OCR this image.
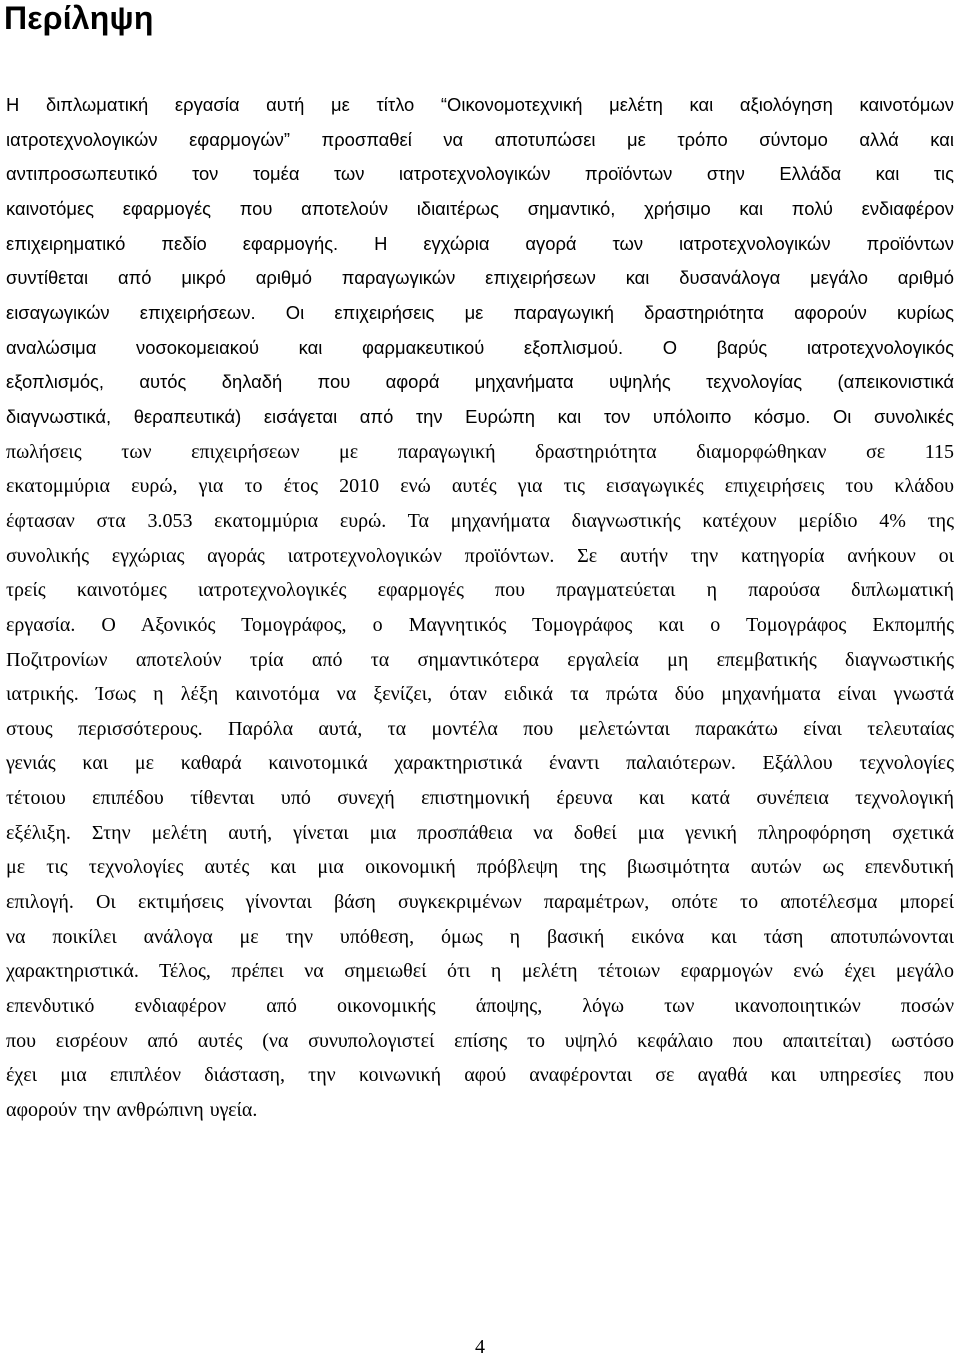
Περίληψη

Η διπλωματική εργασία αυτή με τίτλο “Οικονομοτεχνική μελέτη και αξιολόγηση καινοτόμων
ιατροτεχνολογικών εφαρμογών” προσπαθεί να αποτυπώσει με τρόπο σύντομο αλλά και
αντιπροσωπευτικό τον τομέα των ιατροτεχνολογικών προϊόντων στην Ελλάδα και τις
καινοτόμες εφαρμογές που αποτελούν ιδιαιτέρως σημαντικό, χρήσιμο και πολύ ενδιαφέρον
επιχειρηματικό πεδίο εφαρμογής. Η εγχώρια αγορά των ιατροτεχνολογικών προϊόντων
συντίθεται από μικρό αριθμό παραγωγικών επιχειρήσεων και δυσανάλογα μεγάλο αριθμό
εισαγωγικών επιχειρήσεων. Οι επιχειρήσεις με παραγωγική δραστηριότητα αφορούν κυρίως
αναλώσιμα νοσοκομειακού και φαρμακευτικού εξοπλισμού. Ο βαρύς ιατροτεχνολογικός
εξοπλισμός, αυτός δηλαδή που αφορά μηχανήματα υψηλής τεχνολογίας (απεικονιστικά
διαγνωστικά, θεραπευτικά) εισάγεται από την Ευρώπη και τον υπόλοιπο κόσμο. Οι συνολικές
πωλήσεις των επιχειρήσεων με παραγωγική δραστηριότητα διαμορφώθηκαν σε 115
εκατομμύρια ευρώ, για το έτος 2010 ενώ αυτές για τις εισαγωγικές επιχειρήσεις του κλάδου
έφτασαν στα 3.053 εκατομμύρια ευρώ. Τα μηχανήματα διαγνωστικής κατέχουν μερίδιο 4% της
συνολικής εγχώριας αγοράς ιατροτεχνολογικών προϊόντων. Σε αυτήν την κατηγορία ανήκουν οι
τρείς καινοτόμες ιατροτεχνολογικές εφαρμογές που πραγματεύεται η παρούσα διπλωματική
εργασία. Ο Αξονικός Τομογράφος, ο Μαγνητικός Τομογράφος και ο Τομογράφος Εκπομπής
Ποζιτρονίων αποτελούν τρία από τα σημαντικότερα εργαλεία μη επεμβατικής διαγνωστικής
ιατρικής. Ίσως η λέξη καινοτόμα να ξενίζει, όταν ειδικά τα πρώτα δύο μηχανήματα είναι γνωστά
στους περισσότερους. Παρόλα αυτά, τα μοντέλα που μελετώνται παρακάτω είναι τελευταίας
γενιάς και με καθαρά καινοτομικά χαρακτηριστικά έναντι παλαιότερων. Εξάλλου τεχνολογίες
τέτοιου επιπέδου τίθενται υπό συνεχή επιστημονική έρευνα και κατά συνέπεια τεχνολογική
εξέλιξη. Στην μελέτη αυτή, γίνεται μια προσπάθεια να δοθεί μια γενική πληροφόρηση σχετικά
με τις τεχνολογίες αυτές και μια οικονομική πρόβλεψη της βιωσιμότητα αυτών ως επενδυτική
επιλογή. Οι εκτιμήσεις γίνονται βάση συγκεκριμένων παραμέτρων, οπότε το αποτέλεσμα μπορεί
να ποικίλει ανάλογα με την υπόθεση, όμως η βασική εικόνα και τάση αποτυπώνονται
χαρακτηριστικά. Τέλος, πρέπει να σημειωθεί ότι η μελέτη τέτοιων εφαρμογών ενώ έχει μεγάλο
επενδυτικό ενδιαφέρον από οικονομικής άποψης, λόγω των ικανοποιητικών ποσών
που εισρέουν από αυτές (να συνυπολογιστεί επίσης το υψηλό κεφάλαιο που απαιτείται) ωστόσο
έχει μια επιπλέον διάσταση, την κοινωνική αφού αναφέρονται σε αγαθά και υπηρεσίες που
αφορούν την ανθρώπινη υγεία.

4
